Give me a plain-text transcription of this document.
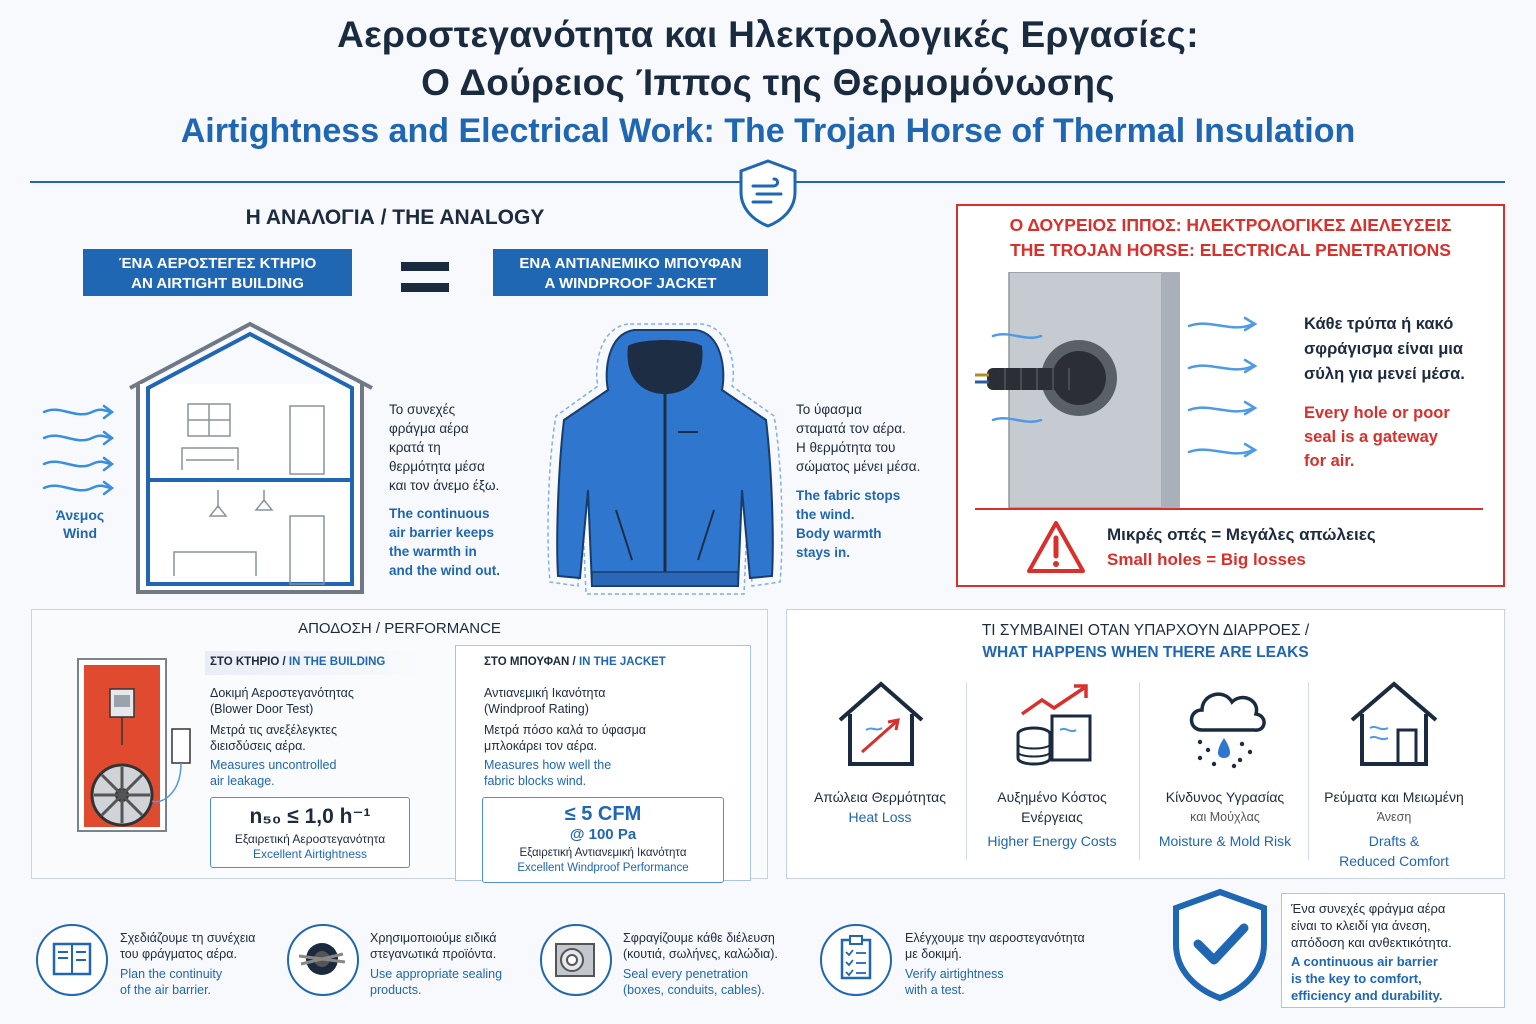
Αεροστεγανότητα και Ηλεκτρολογικές Εργασίες:
Ο Δούρειος Ίππος της Θερμομόνωσης
Airtightness and Electrical Work: The Trojan Horse of Thermal Insulation
Η ΑΝΑΛΟΓΙΑ / THE ANALOGY
ΈΝΑ ΑΕΡΟΣΤΕΓΕΣ ΚΤΗΡΙΟ
AN AIRTIGHT BUILDING
ΕΝΑ ΑΝΤΙΑΝΕΜΙΚΟ ΜΠΟΥΦΑΝ
A WINDPROOF JACKET
Άνεμος
Wind
Το συνεχές
φράγμα αέρα
κρατά τη
θερμότητα μέσα
και τον άνεμο έξω.
The continuous
air barrier keeps
the warmth in
and the wind out.
Το ύφασμα
σταματά τον αέρα.
Η θερμότητα του
σώματος μένει μέσα.
The fabric stops
the wind.
Body warmth
stays in.
Ο ΔΟΥΡΕΙΟΣ ΙΠΠΟΣ: ΗΛΕΚΤΡΟΛΟΓΙΚΕΣ ΔΙΕΛΕΥΣΕΙΣ
THE TROJAN HORSE: ELECTRICAL PENETRATIONS
Κάθε τρύπα ή κακό
σφράγισμα είναι μια
σύλη για μενεί μέσα.
Every hole or poor
seal is a gateway
for air.
Μικρές οπές = Μεγάλες απώλειες
Small holes = Big losses
ΑΠΟΔΟΣΗ / PERFORMANCE
ΣΤΟ ΚΤΗΡΙΟ / IN THE BUILDING
Δοκιμή Αεροστεγανότητας
(Blower Door Test)
Μετρά τις ανεξέλεγκτες
διεισδύσεις αέρα.
Measures uncontrolled
air leakage.
n₅₀ ≤ 1,0 h⁻¹
Εξαιρετική Αεροστεγανότητα
Excellent Airtightness
ΣΤΟ ΜΠΟΥΦΑΝ / IN THE JACKET
Αντιανεμική Ικανότητα
(Windproof Rating)
Μετρά πόσο καλά το ύφασμα
μπλοκάρει τον αέρα.
Measures how well the
fabric blocks wind.
≤ 5 CFM
@ 100 Pa
Εξαιρετική Αντιανεμική Ικανότητα
Excellent Windproof Performance
ΤΙ ΣΥΜΒΑΙΝΕΙ ΟΤΑΝ ΥΠΑΡΧΟΥΝ ΔΙΑΡΡΟΕΣ /
WHAT HAPPENS WHEN THERE ARE LEAKS
Απώλεια Θερμότητας
Heat Loss
Αυξημένο Κόστος
Ενέργειας
Higher Energy Costs
Κίνδυνος Υγρασίας
και Μούχλας
Moisture & Mold Risk
Ρεύματα και Μειωμένη
Άνεση
Drafts & Reduced Comfort
Σχεδιάζουμε τη συνέχεια
του φράγματος αέρα.
Plan the continuity
of the air barrier.
Χρησιμοποιούμε ειδικά
στεγανωτικά προϊόντα.
Use appropriate sealing
products.
Σφραγίζουμε κάθε διέλευση
(κουτιά, σωλήνες, καλώδια).
Seal every penetration
(boxes, conduits, cables).
Ελέγχουμε την αεροστεγανότητα
με δοκιμή.
Verify airtightness
with a test.
Ένα συνεχές φράγμα αέρα
είναι το κλειδί για άνεση,
απόδοση και ανθεκτικότητα.
A continuous air barrier
is the key to comfort,
efficiency and durability.
